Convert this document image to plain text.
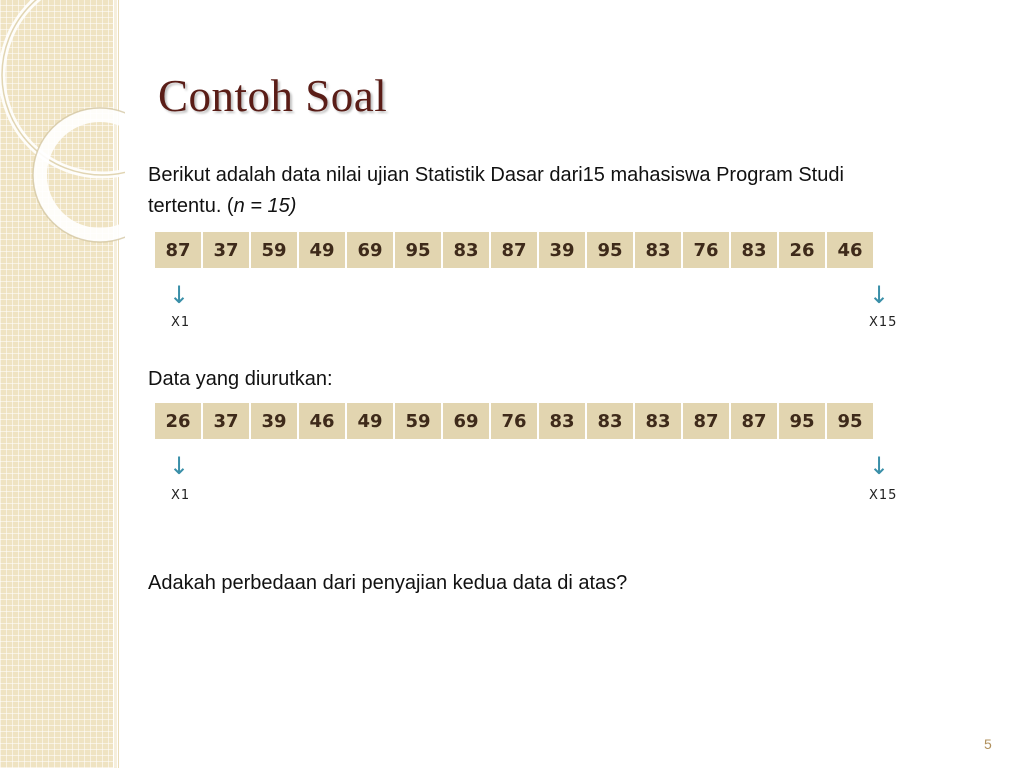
Contoh Soal
Berikut adalah data nilai ujian Statistik Dasar dari15 mahasiswa Program Studi tertentu. (n = 15)
87	37	59	49	69	95	83	87	39	95	83	76	83	26	46
↓
X1
↓
X15
Data yang diurutkan:
26	37	39	46	49	59	69	76	83	83	83	87	87	95	95
↓
X1
↓
X15
Adakah perbedaan dari penyajian kedua data di atas?
5
